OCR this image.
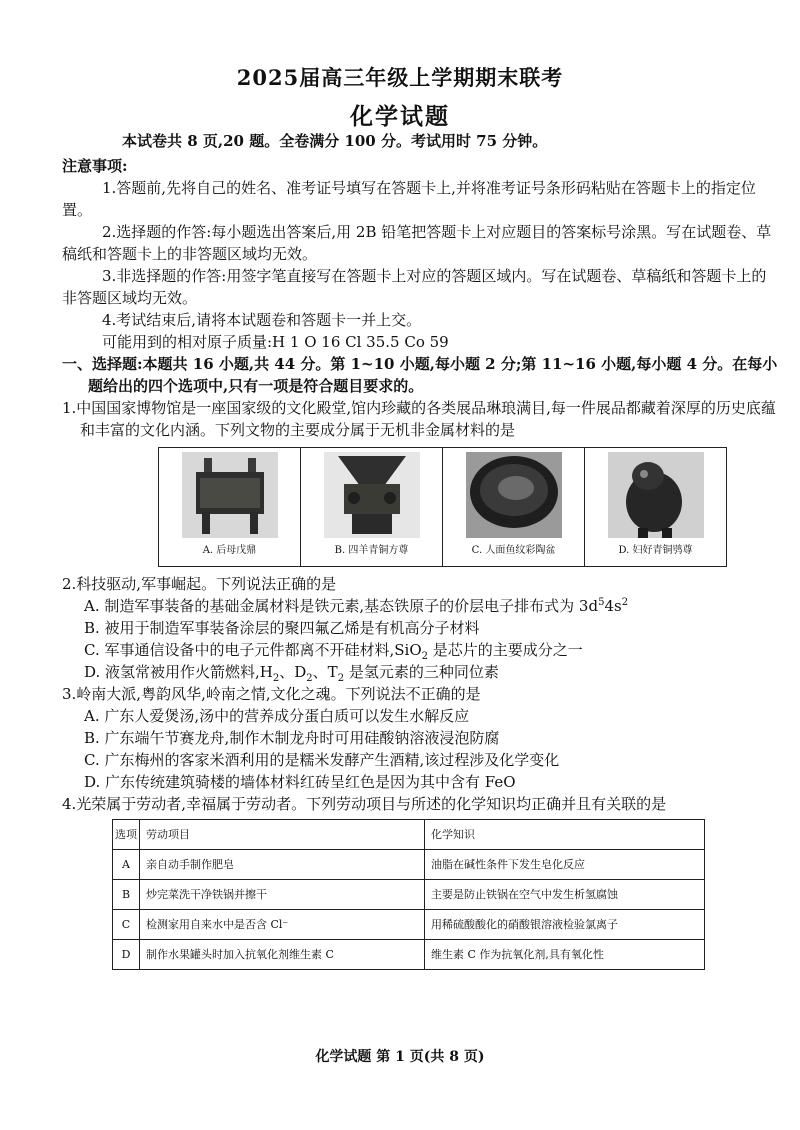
2025届高三年级上学期期末联考
化学试题
本试卷共 8 页,20 题。全卷满分 100 分。考试用时 75 分钟。

注意事项:

1.答题前,先将自己的姓名、准考证号填写在答题卡上,并将准考证号条形码粘贴在答题卡上的指定位置。

2.选择题的作答:每小题选出答案后,用 2B 铅笔把答题卡上对应题目的答案标号涂黑。写在试题卷、草稿纸和答题卡上的非答题区域均无效。

3.非选择题的作答:用签字笔直接写在答题卡上对应的答题区域内。写在试题卷、草稿纸和答题卡上的非答题区域均无效。

4.考试结束后,请将本试题卷和答题卡一并上交。

可能用到的相对原子质量:H 1 O 16 Cl 35.5 Co 59

一、选择题:本题共 16 小题,共 44 分。第 1~10 小题,每小题 2 分;第 11~16 小题,每小题 4 分。在每小题给出的四个选项中,只有一项是符合题目要求的。

1.中国国家博物馆是一座国家级的文化殿堂,馆内珍藏的各类展品琳琅满目,每一件展品都藏着深厚的历史底蕴和丰富的文化内涵。下列文物的主要成分属于无机非金属材料的是

A. 后母戊鼎	B. 四羊青铜方尊	C. 人面鱼纹彩陶盆	D. 妇好青铜鸮尊

2.科技驱动,军事崛起。下列说法正确的是

A. 制造军事装备的基础金属材料是铁元素,基态铁原子的价层电子排布式为 $3d^54s^2$

B. 被用于制造军事装备涂层的聚四氟乙烯是有机高分子材料

C. 军事通信设备中的电子元件都离不开硅材料,SiO$_2$ 是芯片的主要成分之一

D. 液氢常被用作火箭燃料$,H_2$、$D_2$、$T_2$ 是氢元素的三种同位素

3.岭南大派,粤韵风华,岭南之情,文化之魂。下列说法不正确的是

A. 广东人爱煲汤,汤中的营养成分蛋白质可以发生水解反应

B. 广东端午节赛龙舟,制作木制龙舟时可用硅酸钠溶液浸泡防腐

C. 广东梅州的客家米酒利用的是糯米发酵产生酒精,该过程涉及化学变化

D. 广东传统建筑骑楼的墙体材料红砖呈红色是因为其中含有 FeO

4.光荣属于劳动者,幸福属于劳动者。下列劳动项目与所述的化学知识均正确并且有关联的是

选项	劳动项目	化学知识
A	亲自动手制作肥皂	油脂在碱性条件下发生皂化反应
B	炒完菜洗干净铁锅并擦干	主要是防止铁锅在空气中发生析氢腐蚀
C	检测家用自来水中是否含 Cl⁻	用稀硫酸酸化的硝酸银溶液检验氯离子
D	制作水果罐头时加入抗氧化剂维生素 C	维生素 C 作为抗氧化剂,具有氧化性
化学试题 第 1 页(共 8 页)
